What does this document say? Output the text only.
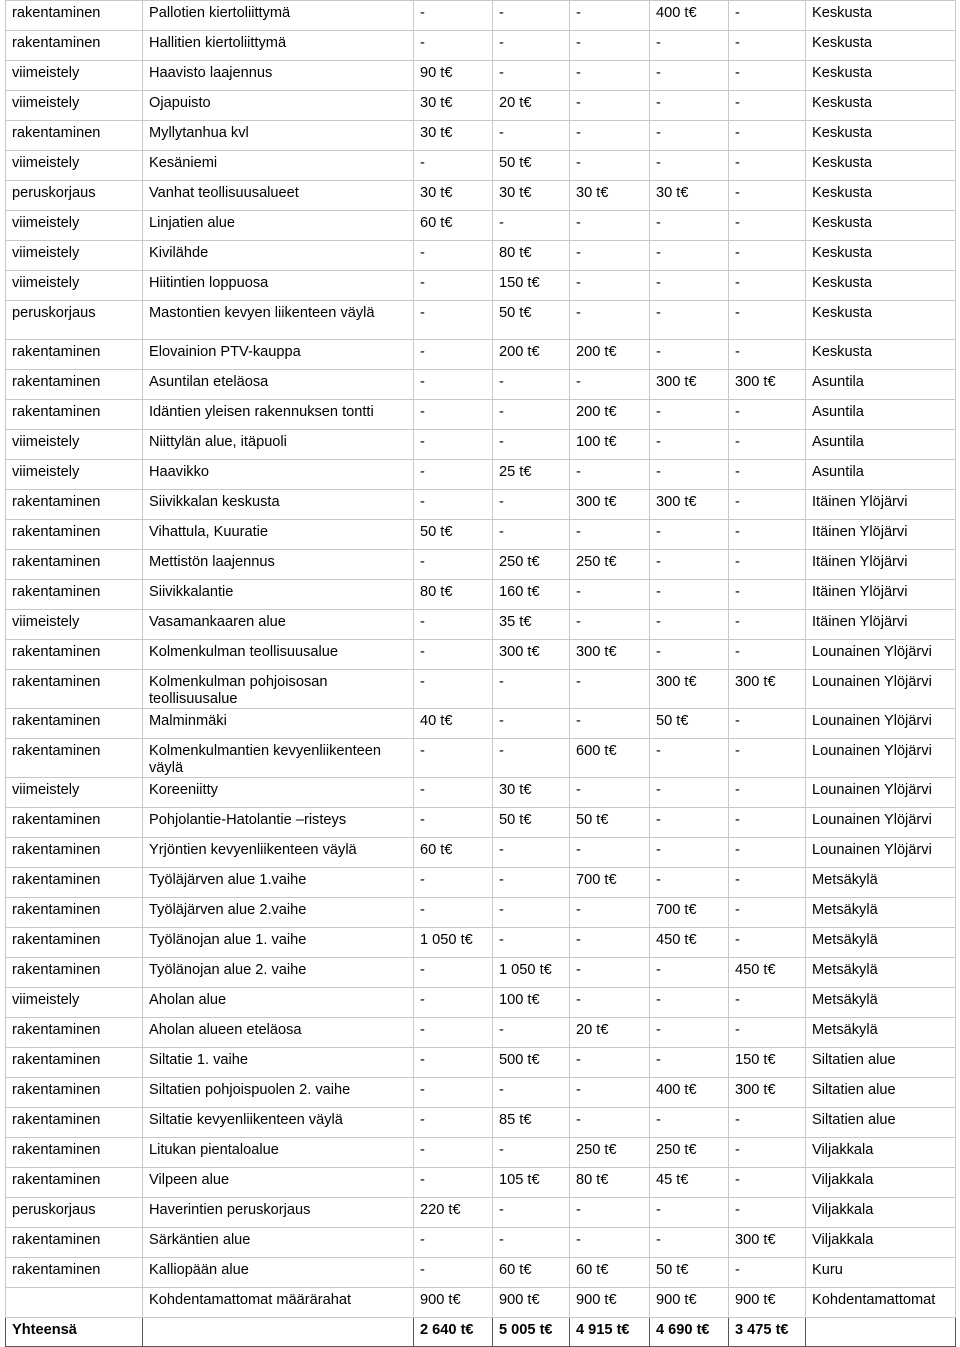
rakentaminen	Pallotien kiertoliittymä	-	-	-	400 t€	-	Keskusta
rakentaminen	Hallitien kiertoliittymä	-	-	-	-	-	Keskusta
viimeistely	Haavisto laajennus	90 t€	-	-	-	-	Keskusta
viimeistely	Ojapuisto	30 t€	20 t€	-	-	-	Keskusta
rakentaminen	Myllytanhua kvl	30 t€	-	-	-	-	Keskusta
viimeistely	Kesäniemi	-	50 t€	-	-	-	Keskusta
peruskorjaus	Vanhat teollisuusalueet	30 t€	30 t€	30 t€	30 t€	-	Keskusta
viimeistely	Linjatien alue	60 t€	-	-	-	-	Keskusta
viimeistely	Kivilähde	-	80 t€	-	-	-	Keskusta
viimeistely	Hiitintien loppuosa	-	150 t€	-	-	-	Keskusta
peruskorjaus	Mastontien kevyen liikenteen väylä	-	50 t€	-	-	-	Keskusta
rakentaminen	Elovainion PTV-kauppa	-	200 t€	200 t€	-	-	Keskusta
rakentaminen	Asuntilan eteläosa	-	-	-	300 t€	300 t€	Asuntila
rakentaminen	Idäntien yleisen rakennuksen tontti	-	-	200 t€	-	-	Asuntila
viimeistely	Niittylän alue, itäpuoli	-	-	100 t€	-	-	Asuntila
viimeistely	Haavikko	-	25 t€	-	-	-	Asuntila
rakentaminen	Siivikkalan keskusta	-	-	300 t€	300 t€	-	Itäinen Ylöjärvi
rakentaminen	Vihattula, Kuuratie	50 t€	-	-	-	-	Itäinen Ylöjärvi
rakentaminen	Mettistön laajennus	-	250 t€	250 t€	-	-	Itäinen Ylöjärvi
rakentaminen	Siivikkalantie	80 t€	160 t€	-	-	-	Itäinen Ylöjärvi
viimeistely	Vasamankaaren alue	-	35 t€	-	-	-	Itäinen Ylöjärvi
rakentaminen	Kolmenkulman teollisuusalue	-	300 t€	300 t€	-	-	Lounainen Ylöjärvi
rakentaminen	Kolmenkulman pohjoisosan teollisuusalue	-	-	-	300 t€	300 t€	Lounainen Ylöjärvi
rakentaminen	Malminmäki	40 t€	-	-	50 t€	-	Lounainen Ylöjärvi
rakentaminen	Kolmenkulmantien kevyenliikenteen väylä	-	-	600 t€	-	-	Lounainen Ylöjärvi
viimeistely	Koreeniitty	-	30 t€	-	-	-	Lounainen Ylöjärvi
rakentaminen	Pohjolantie-Hatolantie –risteys	-	50 t€	50 t€	-	-	Lounainen Ylöjärvi
rakentaminen	Yrjöntien kevyenliikenteen väylä	60 t€	-	-	-	-	Lounainen Ylöjärvi
rakentaminen	Työläjärven alue 1.vaihe	-	-	700 t€	-	-	Metsäkylä
rakentaminen	Työläjärven alue 2.vaihe	-	-	-	700 t€	-	Metsäkylä
rakentaminen	Työlänojan alue 1. vaihe	1 050 t€	-	-	450 t€	-	Metsäkylä
rakentaminen	Työlänojan alue 2. vaihe	-	1 050 t€	-	-	450 t€	Metsäkylä
viimeistely	Aholan alue	-	100 t€	-	-	-	Metsäkylä
rakentaminen	Aholan alueen eteläosa	-	-	20 t€	-	-	Metsäkylä
rakentaminen	Siltatie 1. vaihe	-	500 t€	-	-	150 t€	Siltatien alue
rakentaminen	Siltatien pohjoispuolen 2. vaihe	-	-	-	400 t€	300 t€	Siltatien alue
rakentaminen	Siltatie kevyenliikenteen väylä	-	85 t€	-	-	-	Siltatien alue
rakentaminen	Litukan pientaloalue	-	-	250 t€	250 t€	-	Viljakkala
rakentaminen	Vilpeen alue	-	105 t€	80 t€	45 t€	-	Viljakkala
peruskorjaus	Haverintien peruskorjaus	220 t€	-	-	-	-	Viljakkala
rakentaminen	Särkäntien alue	-	-	-	-	300 t€	Viljakkala
rakentaminen	Kalliopään alue	-	60 t€	60 t€	50 t€	-	Kuru
	Kohdentamattomat määrärahat	900 t€	900 t€	900 t€	900 t€	900 t€	Kohdentamattomat
Yhteensä		2 640 t€	5 005 t€	4 915 t€	4 690 t€	3 475 t€	
